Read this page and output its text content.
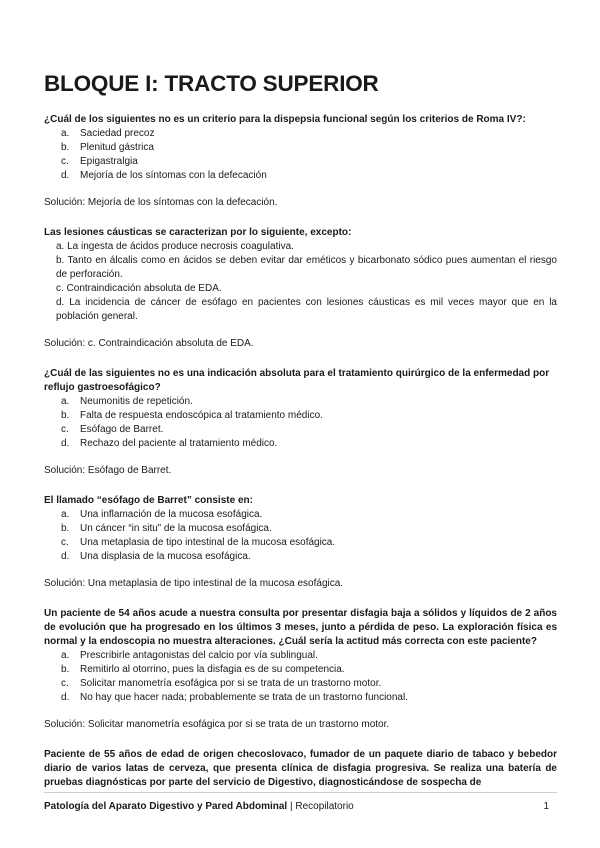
BLOQUE I: TRACTO SUPERIOR

¿Cuál de los siguientes no es un criterio para la dispepsia funcional según los criterios de Roma IV?:

a.	Saciedad precoz
b.	Plenitud gástrica
c.	Epigastralgia
d.	Mejoría de los síntomas con la defecación

Solución: Mejoría de los síntomas con la defecación.

Las lesiones cáusticas se caracterizan por lo siguiente, excepto:

a. La ingesta de ácidos produce necrosis coagulativa.
b. Tanto en álcalis como en ácidos se deben evitar dar eméticos y bicarbonato sódico pues aumentan el riesgo de perforación.
c. Contraindicación absoluta de EDA.
d. La incidencia de cáncer de esófago en pacientes con lesiones cáusticas es mil veces mayor que en la población general.

Solución: c. Contraindicación absoluta de EDA.

¿Cuál de las siguientes no es una indicación absoluta para el tratamiento quirúrgico de la enfermedad por reflujo gastroesofágico?

a.	Neumonitis de repetición.
b.	Falta de respuesta endoscópica al tratamiento médico.
c.	Esófago de Barret.
d.	Rechazo del paciente al tratamiento médico.

Solución: Esófago de Barret.

El llamado “esófago de Barret” consiste en:

a.	Una inflamación de la mucosa esofágica.
b.	Un cáncer “in situ” de la mucosa esofágica.
c.	Una metaplasia de tipo intestinal de la mucosa esofágica.
d.	Una displasia de la mucosa esofágica.

Solución: Una metaplasia de tipo intestinal de la mucosa esofágica.

Un paciente de 54 años acude a nuestra consulta por presentar disfagia baja a sólidos y líquidos de 2 años de evolución que ha progresado en los últimos 3 meses, junto a pérdida de peso. La exploración física es normal y la endoscopia no muestra alteraciones. ¿Cuál sería la actitud más correcta con este paciente?

a.	Prescribirle antagonistas del calcio por vía sublingual.
b.	Remitirlo al otorrino, pues la disfagia es de su competencia.
c.	Solicitar manometría esofágica por si se trata de un trastorno motor.
d.	No hay que hacer nada; probablemente se trata de un trastorno funcional.

Solución: Solicitar manometría esofágica por si se trata de un trastorno motor.

Paciente de 55 años de edad de origen checoslovaco, fumador de un paquete diario de tabaco y bebedor diario de varios latas de cerveza, que presenta clínica de disfagia progresiva. Se realiza una batería de pruebas diagnósticas por parte del servicio de Digestivo, diagnosticándose de sospecha de

Patología del Aparato Digestivo y Pared Abdominal | Recopilatorio	1
